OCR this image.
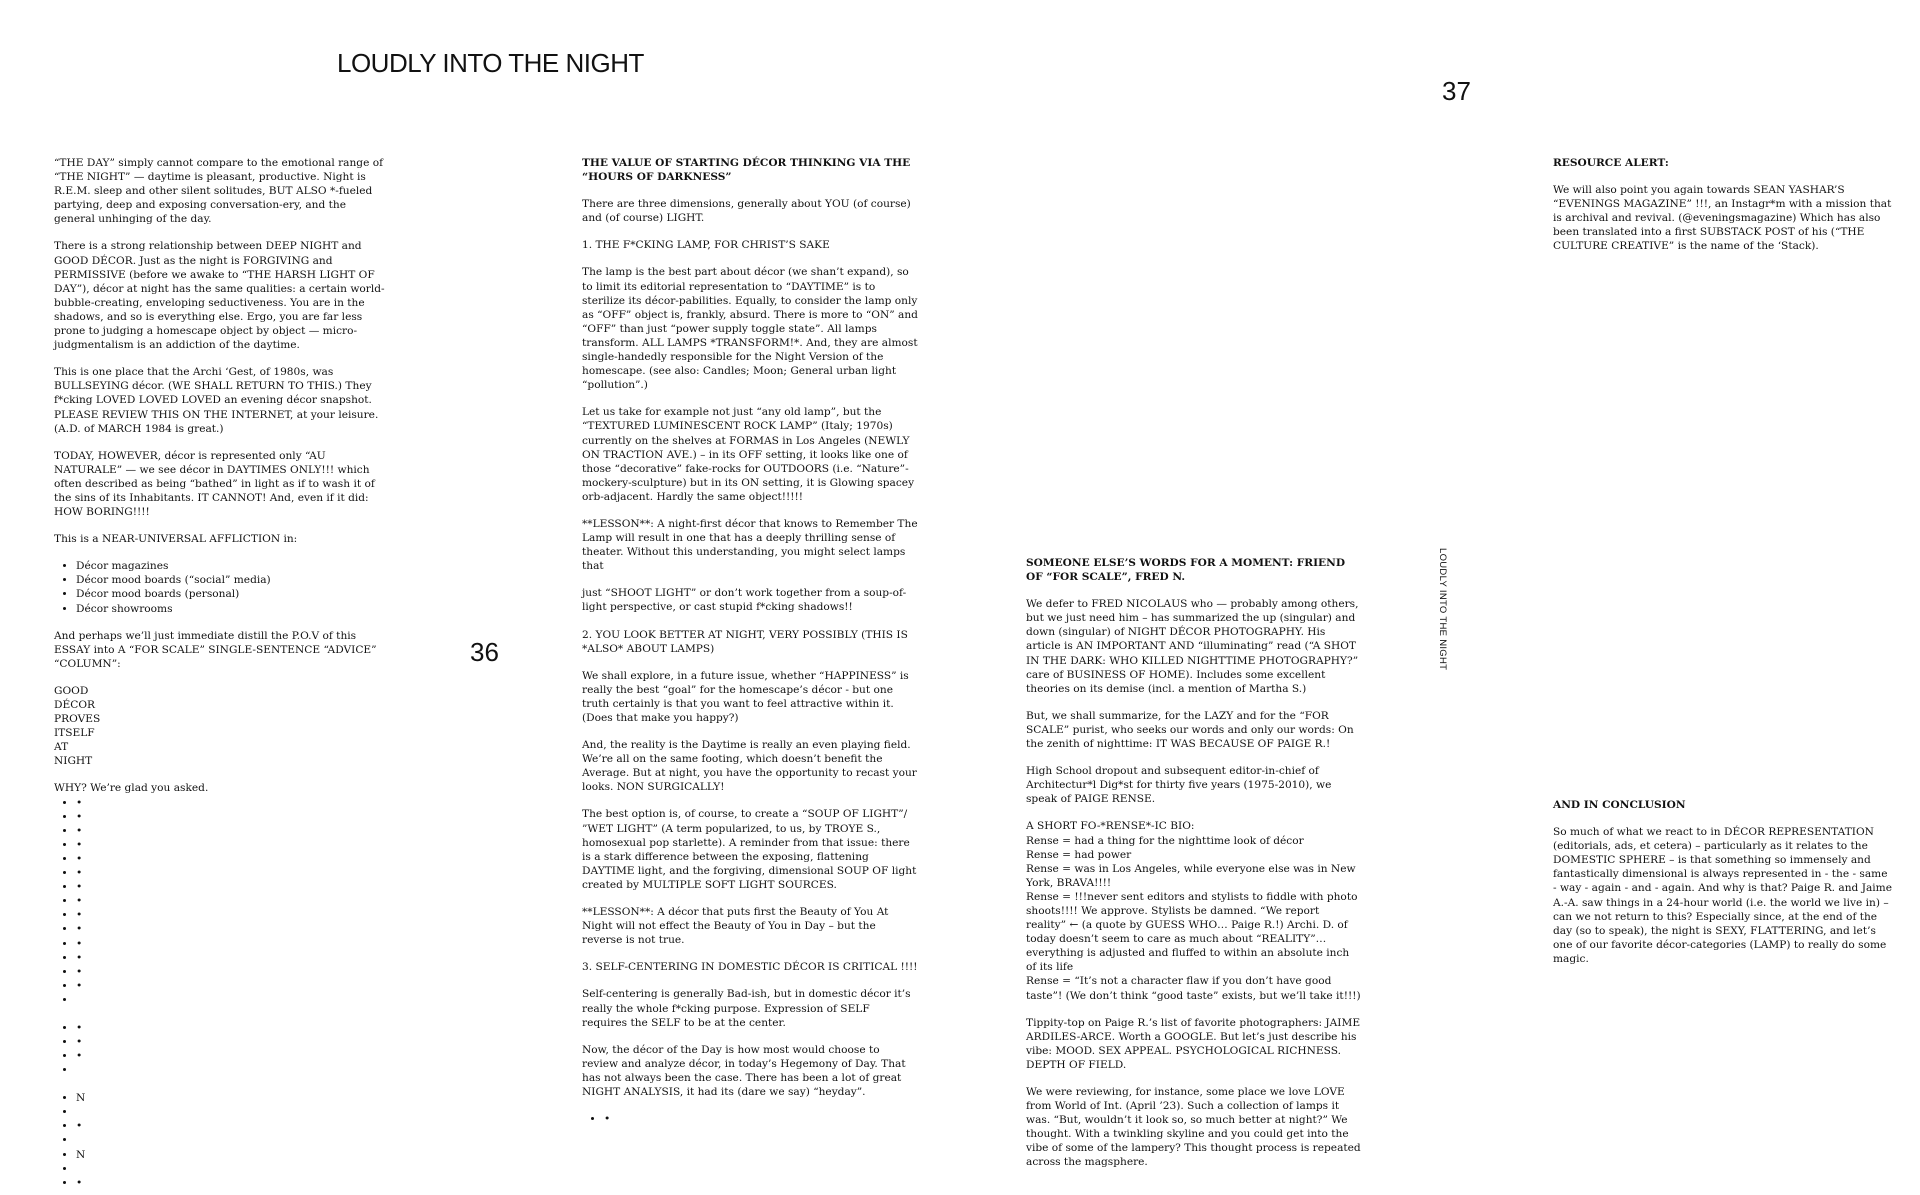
LOUDLY INTO THE NIGHT
36

“THE DAY” simply cannot compare to the emotional range of “THE NIGHT” — daytime is pleasant, productive. Night is R.E.M. sleep and other silent solitudes, BUT ALSO *-fueled partying, deep and exposing conversation-ery, and the general unhinging of the day.

There is a strong relationship between DEEP NIGHT and GOOD DÉCOR. Just as the night is FORGIVING and PERMISSIVE (before we awake to “THE HARSH LIGHT OF DAY”), décor at night has the same qualities: a certain world-bubble-creating, enveloping seductiveness. You are in the shadows, and so is everything else. Ergo, you are far less prone to judging a homescape object by object — micro-judgmentalism is an addiction of the daytime.

This is one place that the Archi ‘Gest, of 1980s, was BULLSEYING décor. (WE SHALL RETURN TO THIS.) They f*cking LOVED LOVED LOVED an evening décor snapshot. PLEASE REVIEW THIS ON THE INTERNET, at your leisure. (A.D. of MARCH 1984 is great.)

TODAY, HOWEVER, décor is represented only “AU NATURALE” — we see décor in DAYTIMES ONLY!!! which often described as being “bathed” in light as if to wash it of the sins of its Inhabitants. IT CANNOT! And, even if it did: HOW BORING!!!!

This is a NEAR-UNIVERSAL AFFLICTION in:

• Décor magazines
• Décor mood boards (“social” media)
• Décor mood boards (personal)
• Décor showrooms

And perhaps we’ll just immediate distill the P.O.V of this ESSAY into A “FOR SCALE” SINGLE-SENTENCE “ADVICE” “COLUMN”:

GOOD
DÉCOR
PROVES
ITSELF
AT
NIGHT

WHY? We’re glad you asked.

• •
• •
• •
• •
• •
• •
• •
• •
• •
• •
• •
• •
• •
• •
•
• •
• •
• •
•
• N
•
• •
•
• N
•
• •

THE VALUE OF STARTING DÉCOR THINKING VIA THE “HOURS OF DARKNESS”

There are three dimensions, generally about YOU (of course) and (of course) LIGHT.

1. THE F*CKING LAMP, FOR CHRIST’S SAKE

The lamp is the best part about décor (we shan’t expand), so to limit its editorial representation to “DAYTIME” is to sterilize its décor-pabilities. Equally, to consider the lamp only as “OFF” object is, frankly, absurd. There is more to “ON” and “OFF” than just “power supply toggle state”. All lamps transform. ALL LAMPS *TRANSFORM!*. And, they are almost single-handedly responsible for the Night Version of the homescape. (see also: Candles; Moon; General urban light “pollution”.)

Let us take for example not just “any old lamp”, but the “TEXTURED LUMINESCENT ROCK LAMP” (Italy; 1970s) currently on the shelves at FORMAS in Los Angeles (NEWLY ON TRACTION AVE.) – in its OFF setting, it looks like one of those “decorative” fake-rocks for OUTDOORS (i.e. “Nature”-mockery-sculpture) but in its ON setting, it is Glowing spacey orb-adjacent. Hardly the same object!!!!!

**LESSON**: A night-first décor that knows to Remember The Lamp will result in one that has a deeply thrilling sense of theater. Without this understanding, you might select lamps that

just “SHOOT LIGHT” or don’t work together from a soup-of-light perspective, or cast stupid f*cking shadows!!

2. YOU LOOK BETTER AT NIGHT, VERY POSSIBLY (THIS IS *ALSO* ABOUT LAMPS)

We shall explore, in a future issue, whether “HAPPINESS” is really the best “goal” for the homescape’s décor - but one truth certainly is that you want to feel attractive within it. (Does that make you happy?)

And, the reality is the Daytime is really an even playing field. We’re all on the same footing, which doesn’t benefit the Average. But at night, you have the opportunity to recast your looks. NON SURGICALLY!

The best option is, of course, to create a “SOUP OF LIGHT”/ ”WET LIGHT” (A term popularized, to us, by TROYE S., homosexual pop starlette). A reminder from that issue: there is a stark difference between the exposing, flattening DAYTIME light, and the forgiving, dimensional SOUP OF light created by MULTIPLE SOFT LIGHT SOURCES.

**LESSON**: A décor that puts first the Beauty of You At Night will not effect the Beauty of You in Day – but the reverse is not true.

3. SELF-CENTERING IN DOMESTIC DÉCOR IS CRITICAL !!!!

Self-centering is generally Bad-ish, but in domestic décor it’s really the whole f*cking purpose. Expression of SELF requires the SELF to be at the center.

Now, the décor of the Day is how most would choose to review and analyze décor, in today’s Hegemony of Day. That has not always been the case. There has been a lot of great NIGHT ANALYSIS, it had its (dare we say) “heyday”.

• •
37
LOUDLY INTO THE NIGHT

SOMEONE ELSE’S WORDS FOR A MOMENT: FRIEND OF “FOR SCALE”, FRED N.

We defer to FRED NICOLAUS who — probably among others, but we just need him – has summarized the up (singular) and down (singular) of NIGHT DÉCOR PHOTOGRAPHY. His article is AN IMPORTANT AND “illuminating” read (“A SHOT IN THE DARK: WHO KILLED NIGHTTIME PHOTOGRAPHY?” care of BUSINESS OF HOME). Includes some excellent theories on its demise (incl. a mention of Martha S.)

But, we shall summarize, for the LAZY and for the “FOR SCALE” purist, who seeks our words and only our words: On the zenith of nighttime: IT WAS BECAUSE OF PAIGE R.!

High School dropout and subsequent editor-in-chief of Architectur*l Dig*st for thirty five years (1975-2010), we speak of PAIGE RENSE.

A SHORT FO-*RENSE*-IC BIO:
Rense = had a thing for the nighttime look of décor
Rense = had power
Rense = was in Los Angeles, while everyone else was in New York, BRAVA!!!!
Rense = !!!never sent editors and stylists to fiddle with photo shoots!!!! We approve. Stylists be damned. “We report reality” ← (a quote by GUESS WHO… Paige R.!) Archi. D. of today doesn’t seem to care as much about “REALITY”… everything is adjusted and fluffed to within an absolute inch of its life

Rense = “It’s not a character flaw if you don’t have good taste”! (We don’t think “good taste” exists, but we’ll take it!!!)

Tippity-top on Paige R.’s list of favorite photographers: JAIME ARDILES-ARCE. Worth a GOOGLE. But let’s just describe his vibe: MOOD. SEX APPEAL. PSYCHOLOGICAL RICHNESS. DEPTH OF FIELD.

We were reviewing, for instance, some place we love LOVE from World of Int. (April ’23). Such a collection of lamps it was. “But, wouldn’t it look so, so much better at night?” We thought. With a twinkling skyline and you could get into the vibe of some of the lampery? This thought process is repeated across the magsphere.

RESOURCE ALERT:

We will also point you again towards SEAN YASHAR’S “EVENINGS MAGAZINE” !!!, an Instagr*m with a mission that is archival and revival. (@eveningsmagazine) Which has also been translated into a first SUBSTACK POST of his (“THE CULTURE CREATIVE” is the name of the ‘Stack).

AND IN CONCLUSION

So much of what we react to in DÉCOR REPRESENTATION (editorials, ads, et cetera) – particularly as it relates to the DOMESTIC SPHERE – is that something so immensely and fantastically dimensional is always represented in - the - same - way - again - and - again. And why is that? Paige R. and Jaime A.-A. saw things in a 24-hour world (i.e. the world we live in) – can we not return to this? Especially since, at the end of the day (so to speak), the night is SEXY, FLATTERING, and let’s one of our favorite décor-categories (LAMP) to really do some magic.
